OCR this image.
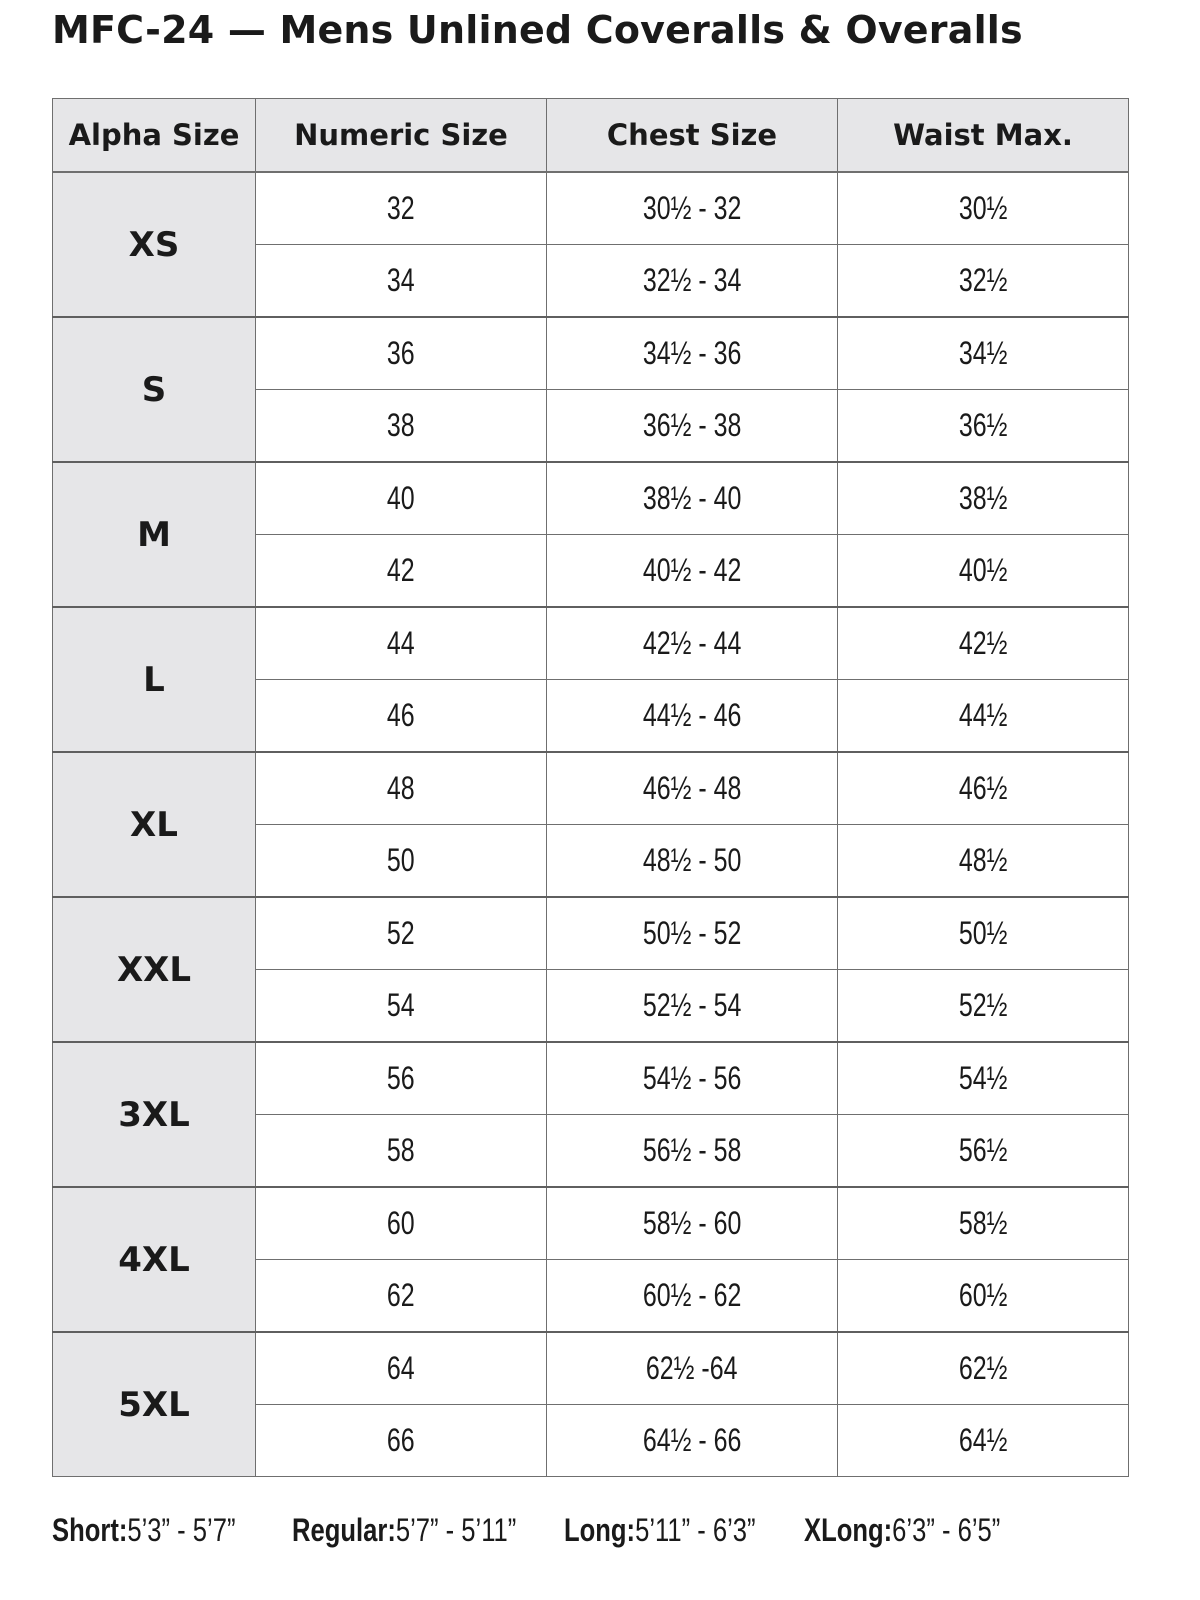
MFC-24 — Mens Unlined Coveralls & Overalls
Alpha Size	Numeric Size	Chest Size	Waist Max.
XS	32	30½ - 32	30½
	34	32½ - 34	32½
S	36	34½ - 36	34½
	38	36½ - 38	36½
M	40	38½ - 40	38½
	42	40½ - 42	40½
L	44	42½ - 44	42½
	46	44½ - 46	44½
XL	48	46½ - 48	46½
	50	48½ - 50	48½
XXL	52	50½ - 52	50½
	54	52½ - 54	52½
3XL	56	54½ - 56	54½
	58	56½ - 58	56½
4XL	60	58½ - 60	58½
	62	60½ - 62	60½
5XL	64	62½ -64	62½
	66	64½ - 66	64½
Short:5’3” - 5’7” Regular:5’7” - 5’11” Long:5’11” - 6’3” XLong:6’3” - 6’5”
